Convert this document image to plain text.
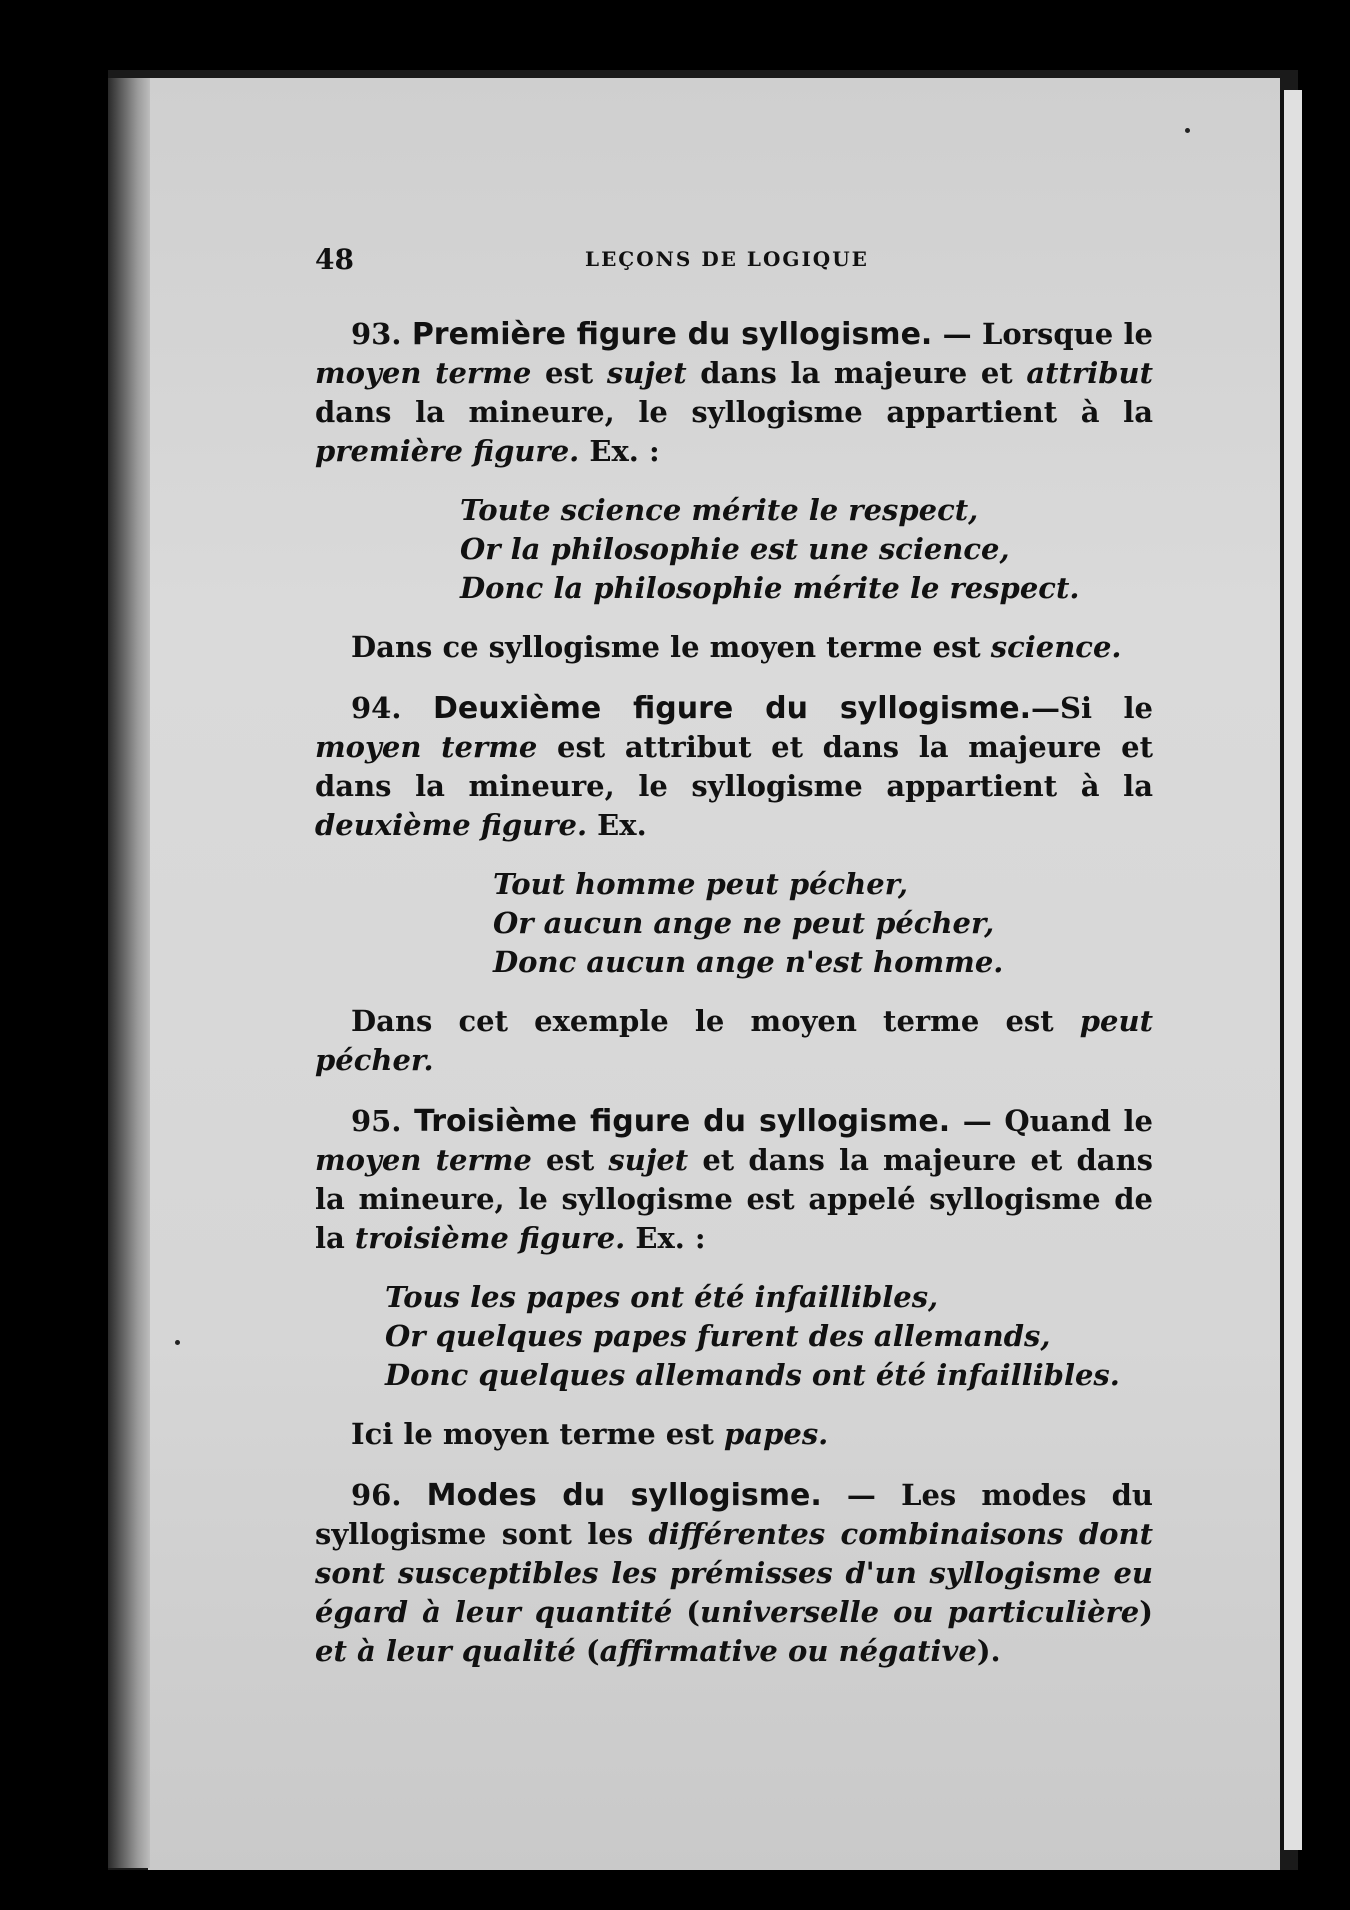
48	LEÇONS DE LOGIQUE

93. Première figure du syllogisme. — Lorsque le moyen terme est sujet dans la majeure et attribut dans la mineure, le syllogisme appartient à la première figure. Ex. :

Toute science mérite le respect,
Or la philosophie est une science,
Donc la philosophie mérite le respect.

Dans ce syllogisme le moyen terme est science.

94. Deuxième figure du syllogisme.—Si le moyen terme est attribut et dans la majeure et dans la mineure, le syllogisme appartient à la deuxième figure. Ex.

Tout homme peut pécher,
Or aucun ange ne peut pécher,
Donc aucun ange n'est homme.

Dans cet exemple le moyen terme est peut pécher.

95. Troisième figure du syllogisme. — Quand le moyen terme est sujet et dans la majeure et dans la mineure, le syllogisme est appelé syllogisme de la troisième figure. Ex. :

Tous les papes ont été infaillibles,
Or quelques papes furent des allemands,
Donc quelques allemands ont été infaillibles.

Ici le moyen terme est papes.

96. Modes du syllogisme. — Les modes du syllogisme sont les différentes combinaisons dont sont susceptibles les prémisses d'un syllogisme eu égard à leur quantité (universelle ou particulière) et à leur qualité (affirmative ou négative).
